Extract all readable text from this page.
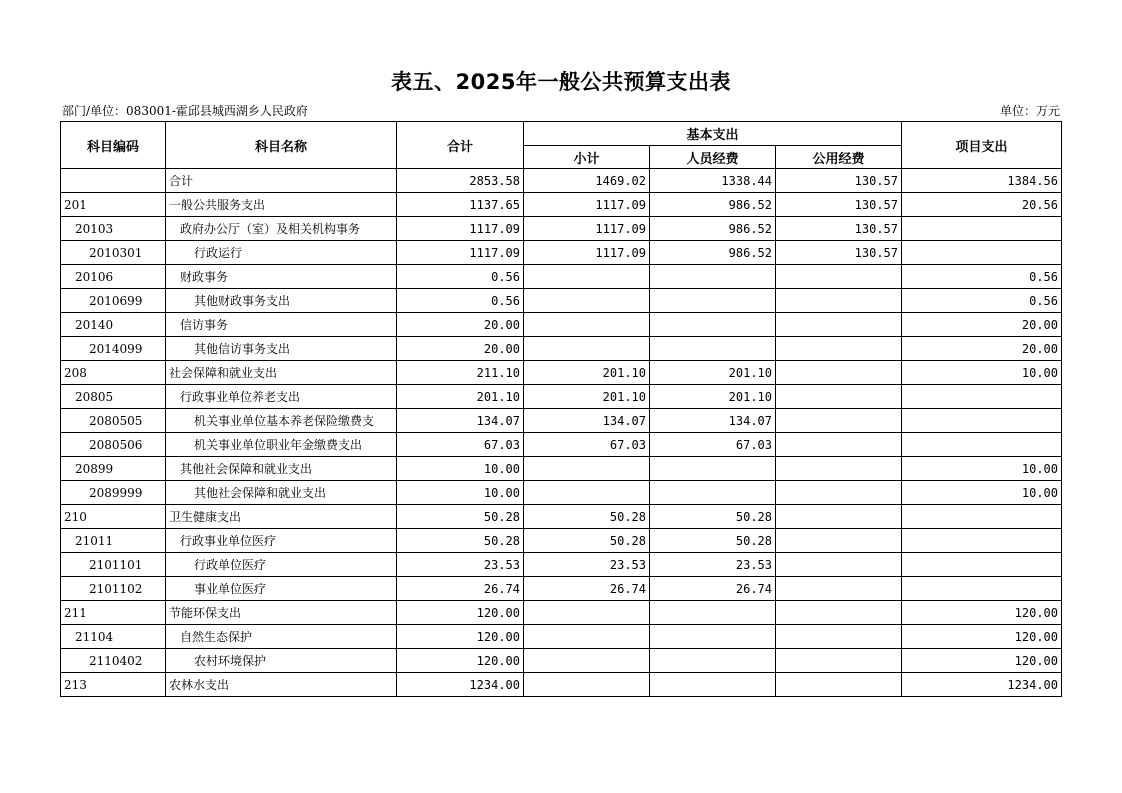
表五、2025年一般公共预算支出表
部门/单位：083001-霍邱县城西湖乡人民政府	单位：万元
科目编码	科目名称	合计	基本支出			项目支出
			小计	人员经费	公用经费	
	合计	2853.58	1469.02	1338.44	130.57	1384.56
201	一般公共服务支出	1137.65	1117.09	986.52	130.57	20.56
20103	政府办公厅（室）及相关机构事务	1117.09	1117.09	986.52	130.57	
2010301	行政运行	1117.09	1117.09	986.52	130.57	
20106	财政事务	0.56				0.56
2010699	其他财政事务支出	0.56				0.56
20140	信访事务	20.00				20.00
2014099	其他信访事务支出	20.00				20.00
208	社会保障和就业支出	211.10	201.10	201.10		10.00
20805	行政事业单位养老支出	201.10	201.10	201.10		
2080505	机关事业单位基本养老保险缴费支	134.07	134.07	134.07		
2080506	机关事业单位职业年金缴费支出	67.03	67.03	67.03		
20899	其他社会保障和就业支出	10.00				10.00
2089999	其他社会保障和就业支出	10.00				10.00
210	卫生健康支出	50.28	50.28	50.28		
21011	行政事业单位医疗	50.28	50.28	50.28		
2101101	行政单位医疗	23.53	23.53	23.53		
2101102	事业单位医疗	26.74	26.74	26.74		
211	节能环保支出	120.00				120.00
21104	自然生态保护	120.00				120.00
2110402	农村环境保护	120.00				120.00
213	农林水支出	1234.00				1234.00
